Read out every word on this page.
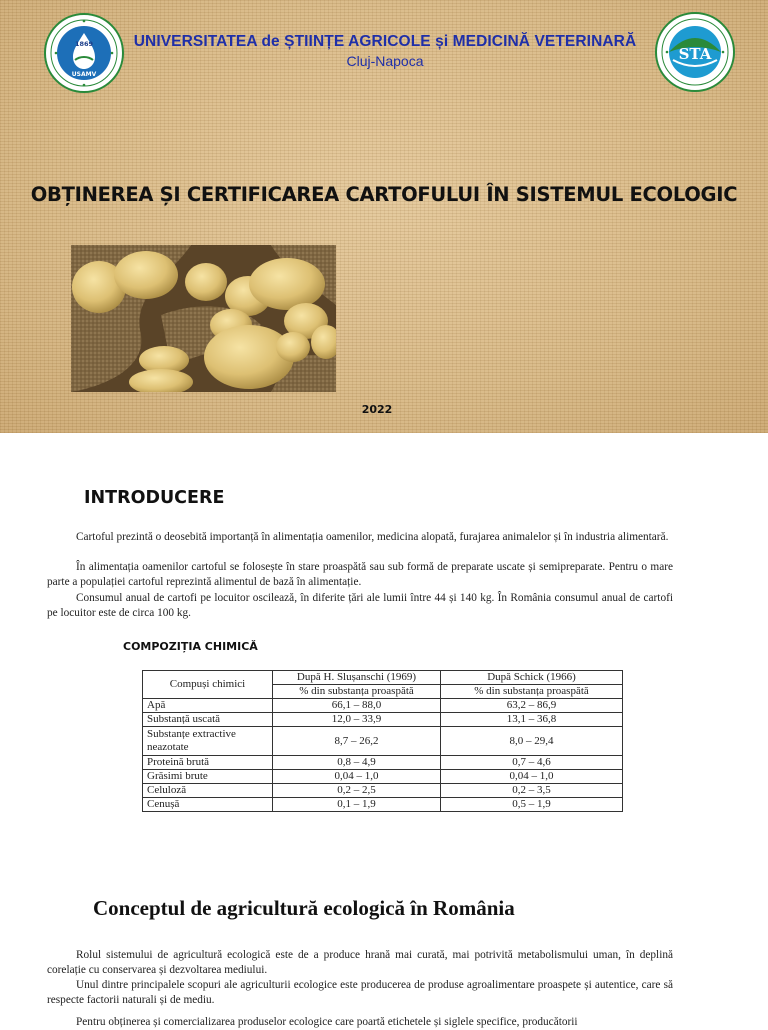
1869
USAMV
STA
UNIVERSITATEA de ȘTIINȚE AGRICOLE și MEDICINĂ VETERINARĂ
Cluj-Napoca
OBȚINEREA ȘI CERTIFICAREA CARTOFULUI ÎN SISTEMUL ECOLOGIC
2022
INTRODUCERE

Cartoful prezintă o deosebită importanță în alimentația oamenilor, medicina alopată, furajarea animalelor și în industria alimentară.

În alimentația oamenilor cartoful se folosește în stare proaspătă sau sub formă de preparate uscate și semipreparate. Pentru o mare parte a populației cartoful reprezintă alimentul de bază în alimentație.

Consumul anual de cartofi pe locuitor oscilează, în diferite țări ale lumii între 44 și 140 kg. În România consumul anual de cartofi pe locuitor este de circa 100 kg.

COMPOZIȚIA CHIMICĂ
Compuși chimici	După H. Slușanschi (1969)	După Schick (1966)
	% din substanța proaspătă	% din substanța proaspătă
Apă	66,1 – 88,0	63,2 – 86,9
Substanță uscată	12,0 – 33,9	13,1 – 36,8
Substanțe extractive neazotate	8,7 – 26,2	8,0 – 29,4
Proteină brută	0,8 – 4,9	0,7 – 4,6
Grăsimi brute	0,04 – 1,0	0,04 – 1,0
Celuloză	0,2 – 2,5	0,2 – 3,5
Cenușă	0,1 – 1,9	0,5 – 1,9
Conceptul de agricultură ecologică în România

Rolul sistemului de agricultură ecologică este de a produce hrană mai curată, mai potrivită metabolismului uman, în deplină corelație cu conservarea și dezvoltarea mediului.

Unul dintre principalele scopuri ale agriculturii ecologice este producerea de produse agroalimentare proaspete și autentice, care să respecte factorii naturali și de mediu.

Pentru obținerea și comercializarea produselor ecologice care poartă etichetele și siglele specifice, producătorii
